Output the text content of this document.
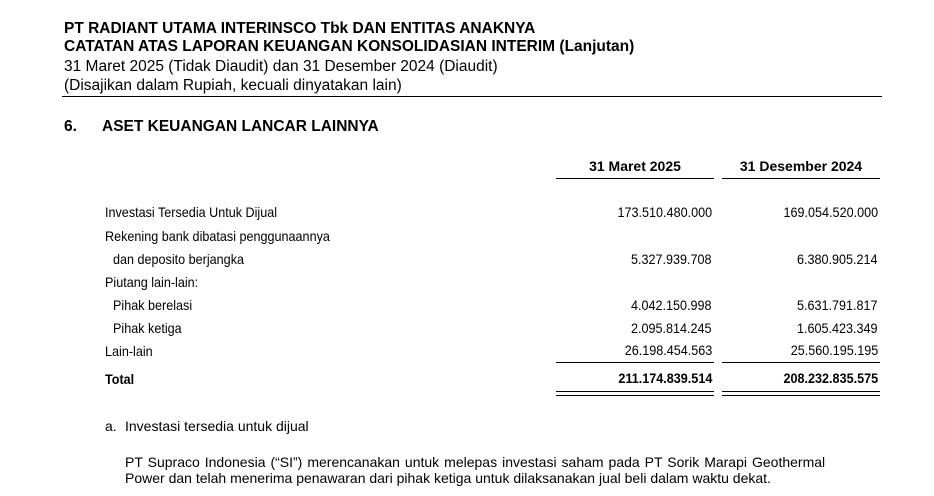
PT RADIANT UTAMA INTERINSCO Tbk DAN ENTITAS ANAKNYA
CATATAN ATAS LAPORAN KEUANGAN KONSOLIDASIAN INTERIM (Lanjutan)
31 Maret 2025 (Tidak Diaudit) dan 31 Desember 2024 (Diaudit)
(Disajikan dalam Rupiah, kecuali dinyatakan lain)
6. ASET KEUANGAN LANCAR LAINNYA
31 Maret 2025	31 Desember 2024
Investasi Tersedia Untuk Dijual	173.510.480.000	169.054.520.000
Rekening bank dibatasi penggunaannya
dan deposito berjangka	5.327.939.708	6.380.905.214
Piutang lain-lain:
Pihak berelasi	4.042.150.998	5.631.791.817
Pihak ketiga	2.095.814.245	1.605.423.349
Lain-lain	26.198.454.563	25.560.195.195
Total	211.174.839.514	208.232.835.575
a. Investasi tersedia untuk dijual
PT Supraco Indonesia (“SI”) merencanakan untuk melepas investasi saham pada PT Sorik Marapi Geothermal
Power dan telah menerima penawaran dari pihak ketiga untuk dilaksanakan jual beli dalam waktu dekat.
